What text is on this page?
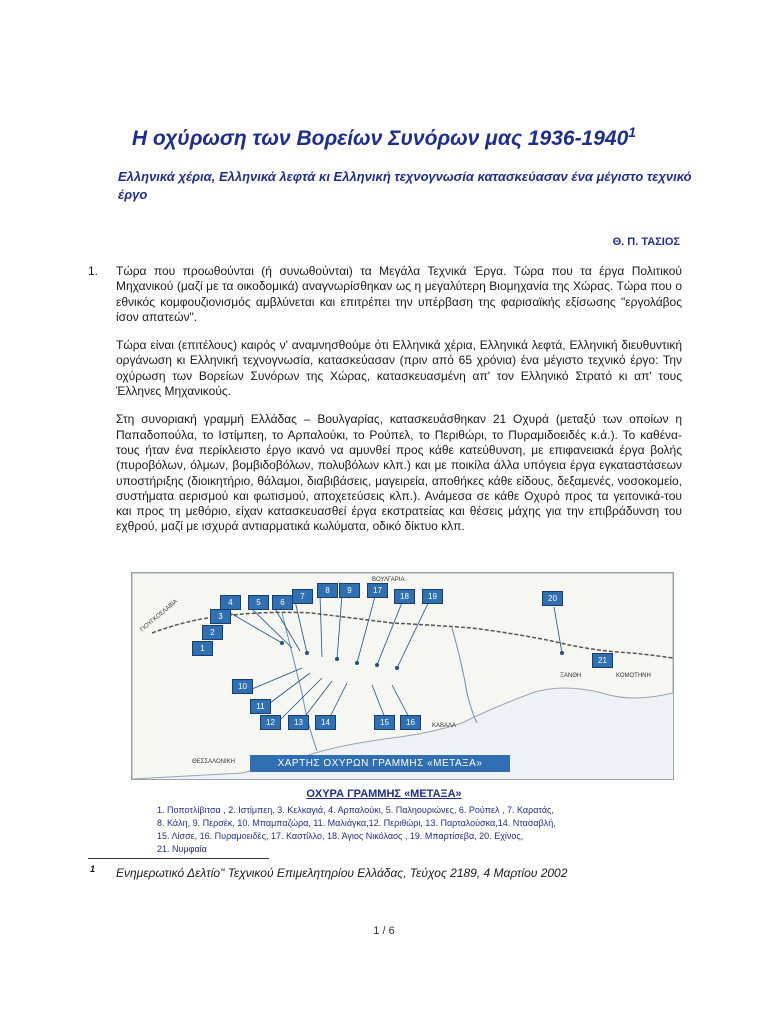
Η οχύρωση των Βορείων Συνόρων μας 1936-1940$^1$
Ελληνικά χέρια, Ελληνικά λεφτά κι Ελληνική τεχνογνωσία κατασκεύασαν ένα μέγιστο τεχνικό έργο
Θ. Π. ΤΑΣΙΟΣ
1. Τώρα που προωθούνται (ή συνωθούνται) τα Μεγάλα Τεχνικά Έργα. Τώρα που τα έργα Πολιτικού Μηχανικού (μαζί με τα οικοδομικά) αναγνωρίσθηκαν ως η μεγαλύτερη Βιομηχανία της Χώρας. Τώρα που ο εθνικός κομφουζιονισμός αμβλύνεται και επιτρέπει την υπέρβαση της φαρισαϊκής εξίσωσης "εργολάβος ίσον απατεών".

Τώρα είναι (επιτέλους) καιρός ν' αναμνησθούμε ότι Ελληνικά χέρια, Ελληνικά λεφτά, Ελληνική διευθυντική οργάνωση κι Ελληνική τεχνογνωσία, κατασκεύασαν (πριν από 65 χρόνια) ένα μέγιστο τεχνικό έργο: Την οχύρωση των Βορείων Συνόρων της Χώρας, κατασκευασμένη απ' τον Ελληνικό Στρατό κι απ' τους Έλληνες Μηχανικούς.

Στη συνοριακή γραμμή Ελλάδας – Βουλγαρίας, κατασκευάσθηκαν 21 Οχυρά (μεταξύ των οποίων η Παπαδοπούλα, το Ιστίμπεη, το Αρπαλούκι, το Ρούπελ, το Περιθώρι, το Πυραμιδοειδές κ.ά.). Το καθένα-τους ήταν ένα περίκλειστο έργο ικανό να αμυνθεί προς κάθε κατεύθυνση, με επιφανειακά έργα βολής (πυροβόλων, όλμων, βομβιδοβόλων, πολυβόλων κλπ.) και με ποικίλα άλλα υπόγεια έργα εγκαταστάσεων υποστήριξης (διοικητήριο, θάλαμοι, διαβιβάσεις, μαγειρεία, αποθήκες κάθε είδους, δεξαμενές, νοσοκομείο, συστήματα αερισμού και φωτισμού, αποχετεύσεις κλπ.). Ανάμεσα σε κάθε Οχυρό προς τα γειτονικά-του και προς τη μεθόριο, είχαν κατασκευασθεί έργα εκστρατείας και θέσεις μάχης για την επιβράδυνση του εχθρού, μαζί με ισχυρά αντιαρματικά κωλύματα, οδικό δίκτυο κλπ.

ΒΟΥΛΓΑΡΙΑ
ΓΙΟΥΓΚΟΣΛΑΒΙΑ
ΞΑΝΘΗ	ΚΟΜΟΤΗΝΗ
ΚΑΒΑΛΑ
ΘΕΣΣΑΛΟΝΙΚΗ
1
2
3
4	5	6
7
8	9
10
11
12	13	14	15	16
17
18	19	20
21
ΧΑΡΤΗΣ ΟΧΥΡΩΝ ΓΡΑΜΜΗΣ «ΜΕΤΑΞΑ»
ΟΧΥΡΑ ΓΡΑΜΜΗΣ «ΜΕΤΑΞΑ»
1. Ποποτλίβιτσα , 2. Ιστίμπεη, 3. Κελκαγιά, 4. Αρπαλούκι, 5. Παληουριώνες, 6. Ρούπελ , 7. Καρατάς,
8. Κάλη, 9. Περσέκ, 10. Μπαμπαζώρα, 11. Μαλιάγκα,12. Περιθώρι, 13. Παρταλούσκα,14. Ντασαβλή,
15. Λίσσε, 16. Πυραμοειδές, 17. Καστίλλο, 18. Άγιος Νικόλαος , 19. Μπαρτίσεβα, 20. Εχίνος,
21. Νυμφαία
1 Ενημερωτικό Δελτίο" Τεχνικού Επιμελητηρίου Ελλάδας, Τεύχος 2189, 4 Μαρτίου 2002
1 / 6
